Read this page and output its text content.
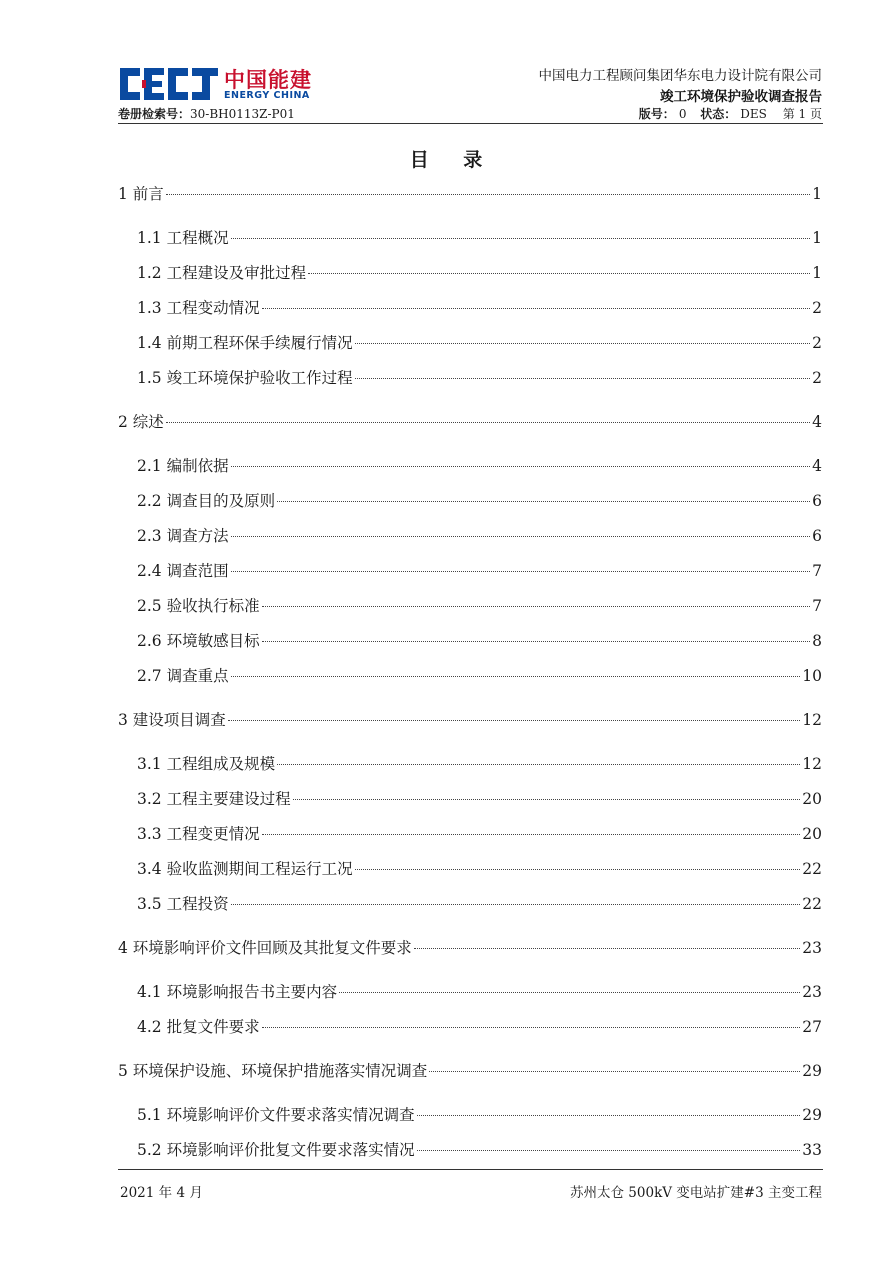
中国能建
ENERGY CHINA
中国电力工程顾问集团华东电力设计院有限公司
竣工环境保护验收调查报告
卷册检索号：30-BH0113Z-P01	版号： 0 状态： DES 第 1 页
目 录
1 前言	1
1.1 工程概况	1
1.2 工程建设及审批过程	1
1.3 工程变动情况	2
1.4 前期工程环保手续履行情况	2
1.5 竣工环境保护验收工作过程	2
2 综述	4
2.1 编制依据	4
2.2 调查目的及原则	6
2.3 调查方法	6
2.4 调查范围	7
2.5 验收执行标准	7
2.6 环境敏感目标	8
2.7 调查重点	10
3 建设项目调查	12
3.1 工程组成及规模	12
3.2 工程主要建设过程	20
3.3 工程变更情况	20
3.4 验收监测期间工程运行工况	22
3.5 工程投资	22
4 环境影响评价文件回顾及其批复文件要求	23
4.1 环境影响报告书主要内容	23
4.2 批复文件要求	27
5 环境保护设施、环境保护措施落实情况调查	29
5.1 环境影响评价文件要求落实情况调查	29
5.2 环境影响评价批复文件要求落实情况	33
2021 年 4 月	苏州太仓 500kV 变电站扩建#3 主变工程
